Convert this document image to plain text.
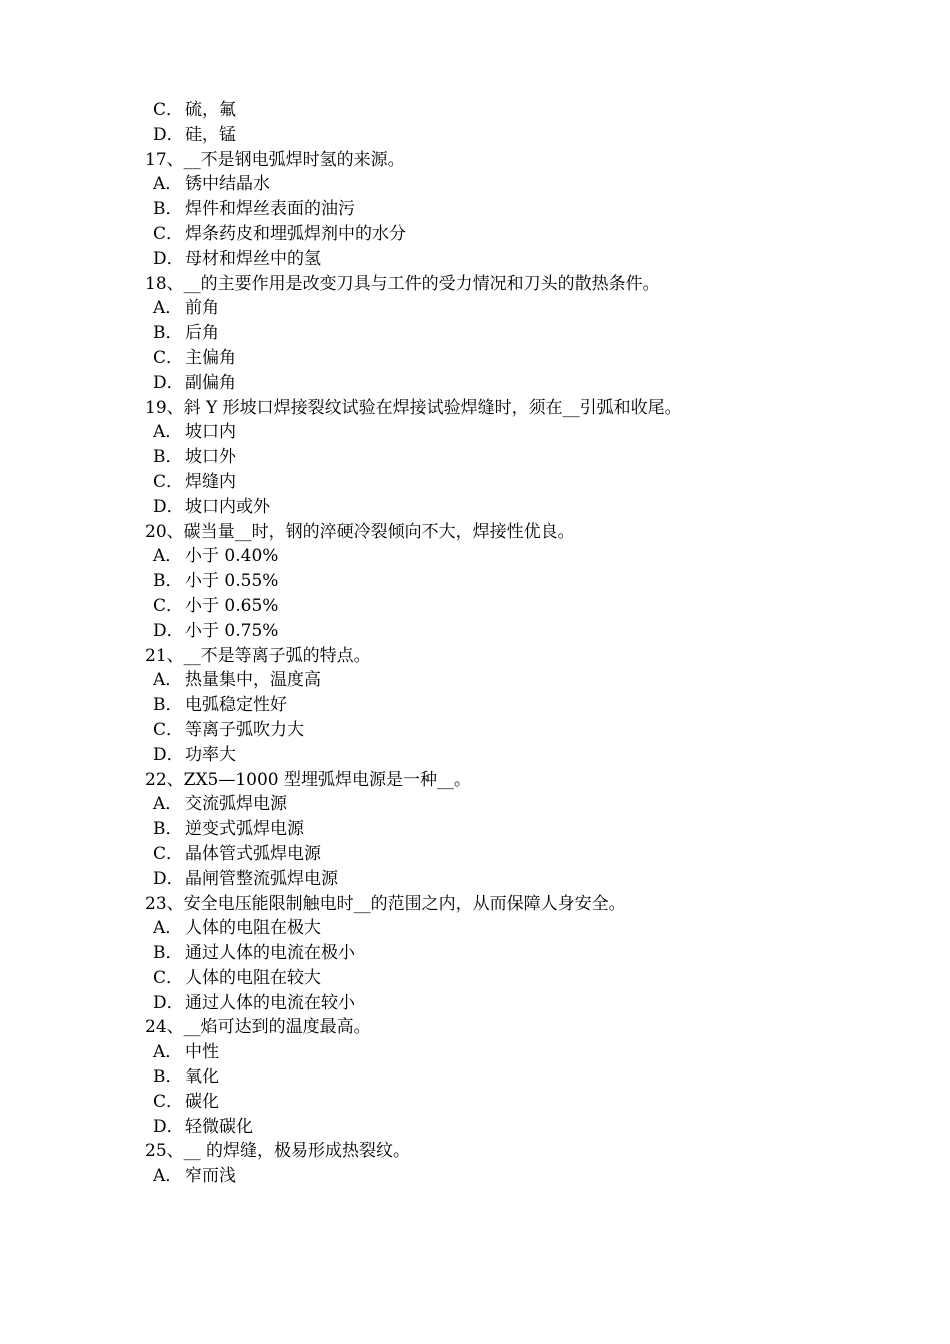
C． 硫，氟
D．硅，锰
17、__不是钢电弧焊时氢的来源。
A． 锈中结晶水
B． 焊件和焊丝表面的油污
C． 焊条药皮和埋弧焊剂中的水分
D．母材和焊丝中的氢
18、__的主要作用是改变刀具与工件的受力情况和刀头的散热条件。
A． 前角
B． 后角
C． 主偏角
D．副偏角
19、斜 Y 形坡口焊接裂纹试验在焊接试验焊缝时，须在__引弧和收尾。
A． 坡口内
B． 坡口外
C． 焊缝内
D．坡口内或外
20、碳当量__时，钢的淬硬冷裂倾向不大，焊接性优良。
A． 小于 0.40%
B． 小于 0.55%
C． 小于 0.65%
D．小于 0.75%
21、__不是等离子弧的特点。
A． 热量集中，温度高
B． 电弧稳定性好
C． 等离子弧吹力大
D．功率大
22、ZX5—1000 型埋弧焊电源是一种__。
A． 交流弧焊电源
B． 逆变式弧焊电源
C． 晶体管式弧焊电源
D．晶闸管整流弧焊电源
23、安全电压能限制触电时__的范围之内，从而保障人身安全。
A． 人体的电阻在极大
B． 通过人体的电流在极小
C． 人体的电阻在较大
D．通过人体的电流在较小
24、__焰可达到的温度最高。
A． 中性
B． 氧化
C． 碳化
D．轻微碳化
25、__ 的焊缝，极易形成热裂纹。
A． 窄而浅
